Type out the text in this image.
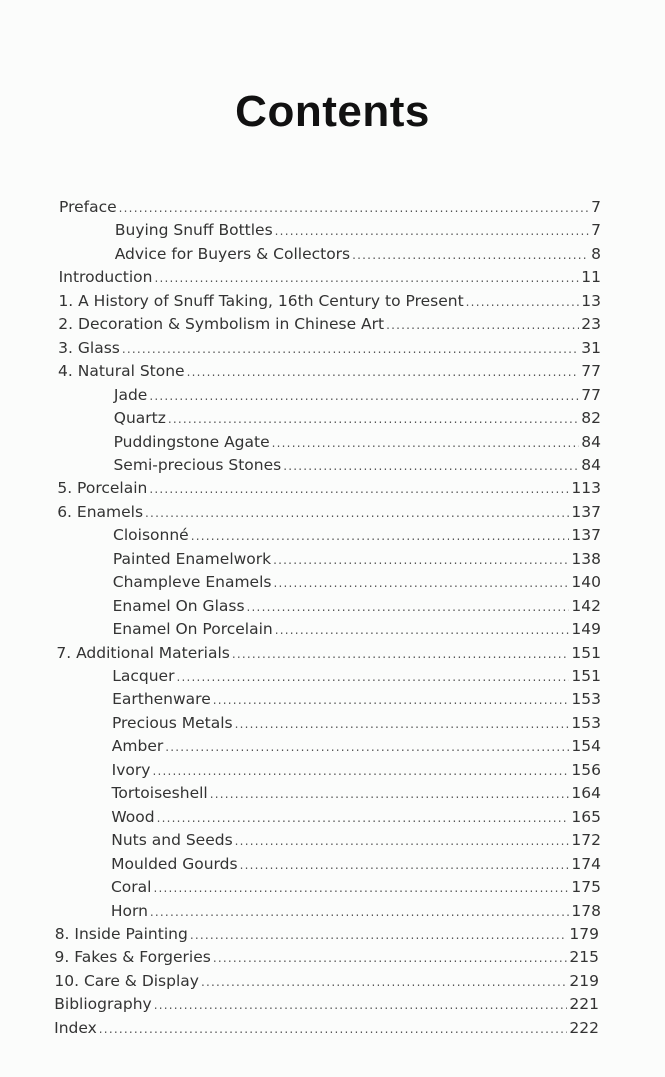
Contents
Preface .....	7
Buying Snuff Bottles .....	7
Advice for Buyers & Collectors .....	8
Introduction .....	11
1. A History of Snuff Taking, 16th Century to Present .....	13
2. Decoration & Symbolism in Chinese Art .....	23
3. Glass .....	31
4. Natural Stone .....	77
Jade .....	77
Quartz .....	82
Puddingstone Agate .....	84
Semi-precious Stones .....	84
5. Porcelain .....	113
6. Enamels .....	137
Cloisonné .....	137
Painted Enamelwork .....	138
Champleve Enamels .....	140
Enamel On Glass .....	142
Enamel On Porcelain .....	149
7. Additional Materials .....	151
Lacquer .....	151
Earthenware .....	153
Precious Metals .....	153
Amber .....	154
Ivory .....	156
Tortoiseshell .....	164
Wood .....	165
Nuts and Seeds .....	172
Moulded Gourds .....	174
Coral .....	175
Horn .....	178
8. Inside Painting .....	179
9. Fakes & Forgeries .....	215
10. Care & Display .....	219
Bibliography .....	221
Index .....	222
